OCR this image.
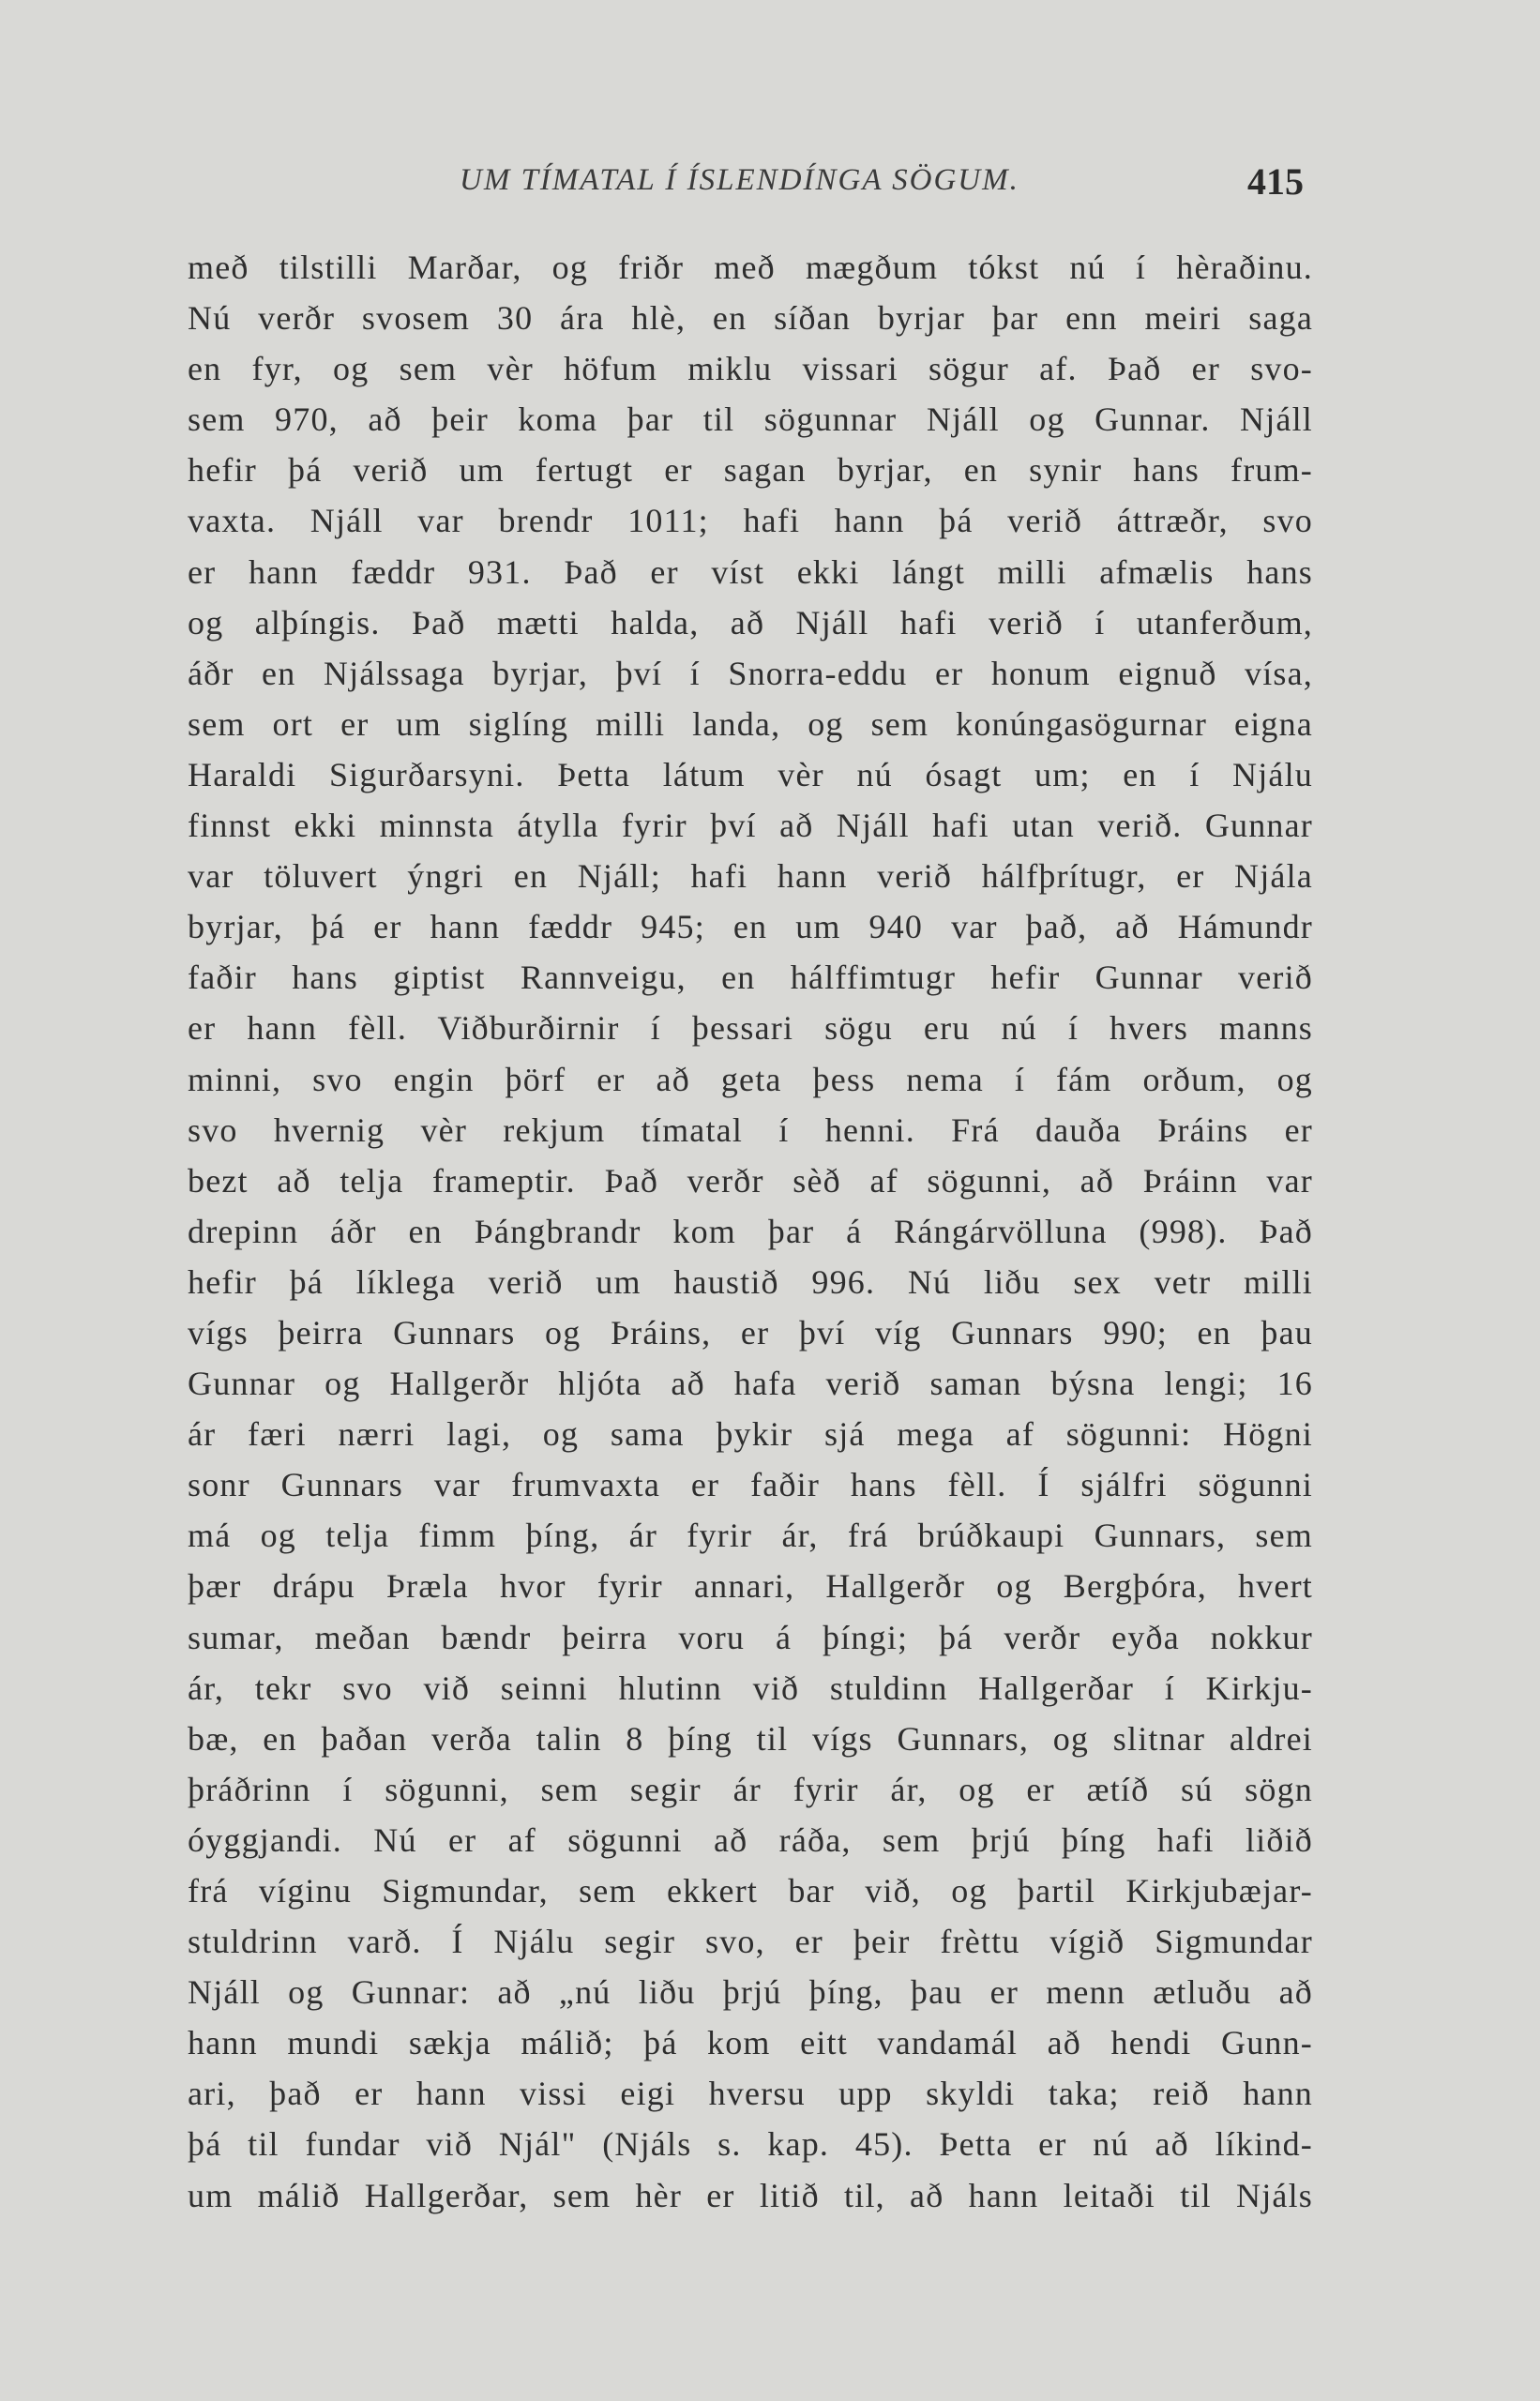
UM TÍMATAL Í ÍSLENDÍNGA SÖGUM.	415
með tilstilli Marðar, og friðr með mægðum tókst nú í hèraðinu.
Nú verðr svosem 30 ára hlè, en síðan byrjar þar enn meiri saga
en fyr, og sem vèr höfum miklu vissari sögur af. Það er svo-
sem 970, að þeir koma þar til sögunnar Njáll og Gunnar. Njáll
hefir þá verið um fertugt er sagan byrjar, en synir hans frum-
vaxta. Njáll var brendr 1011; hafi hann þá verið áttræðr, svo
er hann fæddr 931. Það er víst ekki lángt milli afmælis hans
og alþíngis. Það mætti halda, að Njáll hafi verið í utanferðum,
áðr en Njálssaga byrjar, því í Snorra-eddu er honum eignuð vísa,
sem ort er um siglíng milli landa, og sem konúngasögurnar eigna
Haraldi Sigurðarsyni. Þetta látum vèr nú ósagt um; en í Njálu
finnst ekki minnsta átylla fyrir því að Njáll hafi utan verið. Gunnar
var töluvert ýngri en Njáll; hafi hann verið hálfþrítugr, er Njála
byrjar, þá er hann fæddr 945; en um 940 var það, að Hámundr
faðir hans giptist Rannveigu, en hálffimtugr hefir Gunnar verið
er hann fèll. Viðburðirnir í þessari sögu eru nú í hvers manns
minni, svo engin þörf er að geta þess nema í fám orðum, og
svo hvernig vèr rekjum tímatal í henni. Frá dauða Þráins er
bezt að telja frameptir. Það verðr sèð af sögunni, að Þráinn var
drepinn áðr en Þángbrandr kom þar á Rángárvöllunа (998). Það
hefir þá líklega verið um haustið 996. Nú liðu sex vetr milli
vígs þeirra Gunnars og Þráins, er því víg Gunnars 990; en þau
Gunnar og Hallgerðr hljóta að hafa verið saman býsna lengi; 16
ár færi nærri lagi, og sama þykir sjá mega af sögunni: Högni
sonr Gunnars var frumvaxta er faðir hans fèll. Í sjálfri sögunni
má og telja fimm þíng, ár fyrir ár, frá brúðkaupi Gunnars, sem
þær drápu Þræla hvor fyrir annari, Hallgerðr og Bergþóra, hvert
sumar, meðan bændr þeirra voru á þíngi; þá verðr eyða nokkur
ár, tekr svo við seinni hlutinn við stuldinn Hallgerðar í Kirkju-
bæ, en þaðan verða talin 8 þíng til vígs Gunnars, og slitnar aldrei
þráðrinn í sögunni, sem segir ár fyrir ár, og er ætíð sú sögn
óyggjandi. Nú er af sögunni að ráða, sem þrjú þíng hafi liðið
frá víginu Sigmundar, sem ekkert bar við, og þartil Kirkjubæjar-
stuldrinn varð. Í Njálu segir svo, er þeir frèttu vígið Sigmundar
Njáll og Gunnar: að „nú liðu þrjú þíng, þau er menn ætluðu að
hann mundi sækja málið; þá kom eitt vandamál að hendi Gunn-
ari, það er hann vissi eigi hversu upp skyldi taka; reið hann
þá til fundar við Njál" (Njáls s. kap. 45). Þetta er nú að líkind-
um málið Hallgerðar, sem hèr er litið til, að hann leitaði til Njáls
